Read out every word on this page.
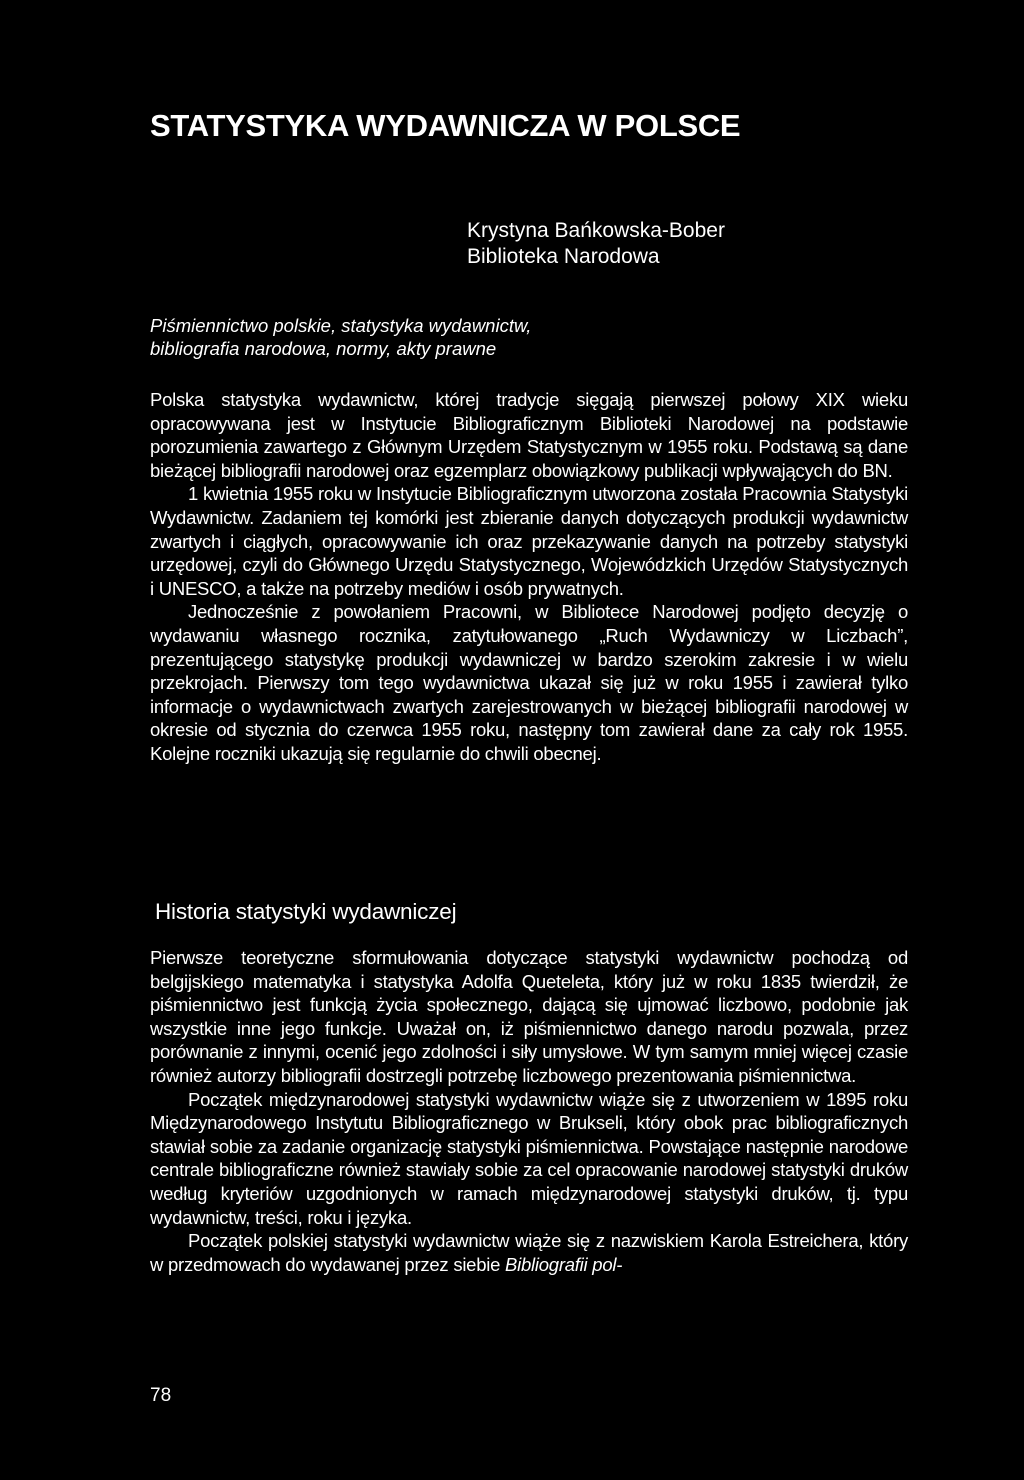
STATYSTYKA WYDAWNICZA W POLSCE
Krystyna Bańkowska-Bober
Biblioteka Narodowa
Piśmiennictwo polskie, statystyka wydawnictw,
bibliografia narodowa, normy, akty prawne

Polska statystyka wydawnictw, której tradycje sięgają pierwszej połowy XIX wieku opracowywana jest w Instytucie Bibliograficznym Biblioteki Narodowej na podstawie porozumienia zawartego z Głównym Urzędem Statystycznym w 1955 roku. Podstawą są dane bieżącej bibliografii narodowej oraz egzemplarz obowiązkowy publikacji wpływających do BN.

1 kwietnia 1955 roku w Instytucie Bibliograficznym utworzona została Pracownia Statystyki Wydawnictw. Zadaniem tej komórki jest zbieranie danych dotyczących produkcji wydawnictw zwartych i ciągłych, opracowywanie ich oraz przekazywanie danych na potrzeby statystyki urzędowej, czyli do Głównego Urzędu Statystycznego, Wojewódzkich Urzędów Statystycznych i UNESCO, a także na potrzeby mediów i osób prywatnych.

Jednocześnie z powołaniem Pracowni, w Bibliotece Narodowej podjęto decyzję o wydawaniu własnego rocznika, zatytułowanego „Ruch Wydawniczy w Liczbach”, prezentującego statystykę produkcji wydawniczej w bardzo szerokim zakresie i w wielu przekrojach. Pierwszy tom tego wydawnictwa ukazał się już w roku 1955 i zawierał tylko informacje o wydawnictwach zwartych zarejestrowanych w bieżącej bibliografii narodowej w okresie od stycznia do czerwca 1955 roku, następny tom zawierał dane za cały rok 1955. Kolejne roczniki ukazują się regularnie do chwili obecnej.

Historia statystyki wydawniczej

Pierwsze teoretyczne sformułowania dotyczące statystyki wydawnictw pochodzą od belgijskiego matematyka i statystyka Adolfa Queteleta, który już w roku 1835 twierdził, że piśmiennictwo jest funkcją życia społecznego, dającą się ujmować liczbowo, podobnie jak wszystkie inne jego funkcje. Uważał on, iż piśmiennictwo danego narodu pozwala, przez porównanie z innymi, ocenić jego zdolności i siły umysłowe. W tym samym mniej więcej czasie również autorzy bibliografii dostrzegli potrzebę liczbowego prezentowania piśmiennictwa.

Początek międzynarodowej statystyki wydawnictw wiąże się z utworzeniem w 1895 roku Międzynarodowego Instytutu Bibliograficznego w Brukseli, który obok prac bibliograficznych stawiał sobie za zadanie organizację statystyki piśmiennictwa. Powstające następnie narodowe centrale bibliograficzne również stawiały sobie za cel opracowanie narodowej statystyki druków według kryteriów uzgodnionych w ramach międzynarodowej statystyki druków, tj. typu wydawnictw, treści, roku i języka.

Początek polskiej statystyki wydawnictw wiąże się z nazwiskiem Karola Estreichera, który w przedmowach do wydawanej przez siebie Bibliografii pol-

78
